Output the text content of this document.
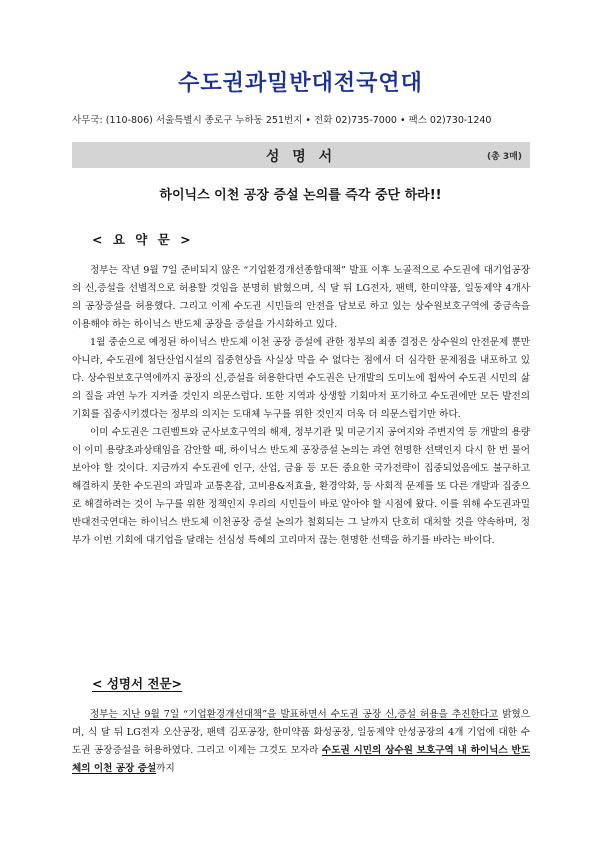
수도권과밀반대전국연대
사무국: (110-806) 서울특별시 종로구 누하동 251번지 • 전화 02)735-7000 • 팩스 02)730-1240
성 명 서	(총 3매)
하이닉스 이천 공장 증설 논의를 즉각 중단 하라!!
< 요 약 문 >

정부는 작년 9월 7일 준비되지 않은 “기업환경개선종합대책” 발표 이후 노골적으로 수도권에 대기업공장의 신,증설을 선별적으로 허용할 것임을 분명히 밝혔으며, 식 달 뒤 LG전자, 팬텍, 한미약품, 일동제약 4개사의 공장증설을 허용했다. 그리고 이제 수도권 시민들의 안전을 담보로 하고 있는 상수원보호구역에 중금속을 이용해야 하는 하이닉스 반도체 공장을 증설을 가시화하고 있다.

1월 중순으로 예정된 하이닉스 반도체 이천 공장 증설에 관한 정부의 최종 결정은 상수원의 안전문제 뿐만 아니라, 수도권에 첨단산업시설의 집중현상을 사실상 막을 수 없다는 점에서 더 심각한 문제점을 내포하고 있다. 상수원보호구역에까지 공장의 신,증설을 허용한다면 수도권은 난개발의 도미노에 휩싸여 수도권 시민의 삶의 질을 과연 누가 지켜줄 것인지 의문스럽다. 또한 지역과 상생할 기회마저 포기하고 수도권에만 모든 발전의 기회를 집중시키겠다는 정부의 의지는 도대체 누구를 위한 것인지 더욱 더 의문스럽기만 하다.

이미 수도권은 그린벨트와 군사보호구역의 해제, 정부기관 및 미군기지 공여지와 주변지역 등 개발의 용량이 이미 용량초과상태임을 감안할 때, 하이닉스 반도체 공장증설 논의는 과연 현명한 선택인지 다시 한 번 물어보아야 할 것이다. 지금까지 수도권에 인구, 산업, 금융 등 모든 중요한 국가전략이 집중되었음에도 불구하고 해결하지 못한 수도권의 과밀과 교통혼잡, 고비용&저효율, 환경악화, 등 사회적 문제를 또 다른 개발과 집중으로 해결하려는 것이 누구를 위한 정책인지 우리의 시민들이 바로 알아야 할 시점에 왔다. 이를 위해 수도권과밀반대전국연대는 하이닉스 반도체 이천공장 증설 논의가 철회되는 그 날까지 단호히 대처할 것을 약속하며, 정부가 이번 기회에 대기업을 달래는 선심성 특혜의 고리마저 끊는 현명한 선택을 하기를 바라는 바이다.

< 성명서 전문>

정부는 지난 9월 7일 “기업환경개선대책”을 발표하면서 수도권 공장 신,증설 허용을 추진한다고 밝혔으며, 식 달 뒤 LG전자 오산공장, 팬텍 김포공장, 한미약품 화성공장, 일동제약 안성공장의 4개 기업에 대한 수도권 공장증설을 허용하였다. 그리고 이제는 그것도 모자라 수도권 시민의 상수원 보호구역 내 하이닉스 반도체의 이천 공장 증설까지
